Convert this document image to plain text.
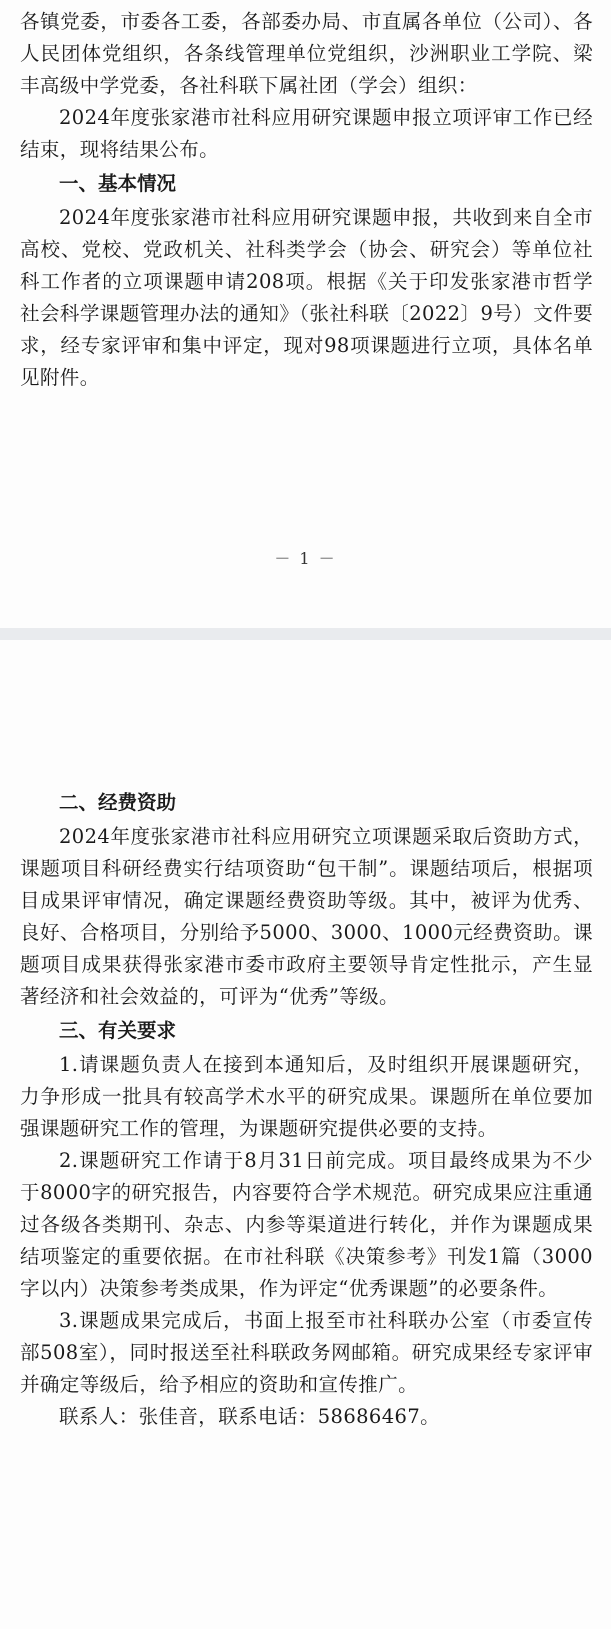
各镇党委，市委各工委，各部委办局、市直属各单位（公司）、各人民团体党组织，各条线管理单位党组织，沙洲职业工学院、梁丰高级中学党委，各社科联下属社团（学会）组织：

2024年度张家港市社科应用研究课题申报立项评审工作已经结束，现将结果公布。

一、基本情况

2024年度张家港市社科应用研究课题申报，共收到来自全市高校、党校、党政机关、社科类学会（协会、研究会）等单位社科工作者的立项课题申请208项。根据《关于印发张家港市哲学社会科学课题管理办法的通知》（张社科联〔2022〕9号）文件要求，经专家评审和集中评定，现对98项课题进行立项，具体名单见附件。

－ 1 －
二、经费资助

2024年度张家港市社科应用研究立项课题采取后资助方式，课题项目科研经费实行结项资助“包干制”。课题结项后，根据项目成果评审情况，确定课题经费资助等级。其中，被评为优秀、良好、合格项目，分别给予5000、3000、1000元经费资助。课题项目成果获得张家港市委市政府主要领导肯定性批示，产生显著经济和社会效益的，可评为“优秀”等级。

三、有关要求

1.请课题负责人在接到本通知后，及时组织开展课题研究，力争形成一批具有较高学术水平的研究成果。课题所在单位要加强课题研究工作的管理，为课题研究提供必要的支持。

2.课题研究工作请于8月31日前完成。项目最终成果为不少于8000字的研究报告，内容要符合学术规范。研究成果应注重通过各级各类期刊、杂志、内参等渠道进行转化，并作为课题成果结项鉴定的重要依据。在市社科联《决策参考》刊发1篇（3000字以内）决策参考类成果，作为评定“优秀课题”的必要条件。

3.课题成果完成后，书面上报至市社科联办公室（市委宣传部508室），同时报送至社科联政务网邮箱。研究成果经专家评审并确定等级后，给予相应的资助和宣传推广。

联系人：张佳音，联系电话：58686467。
